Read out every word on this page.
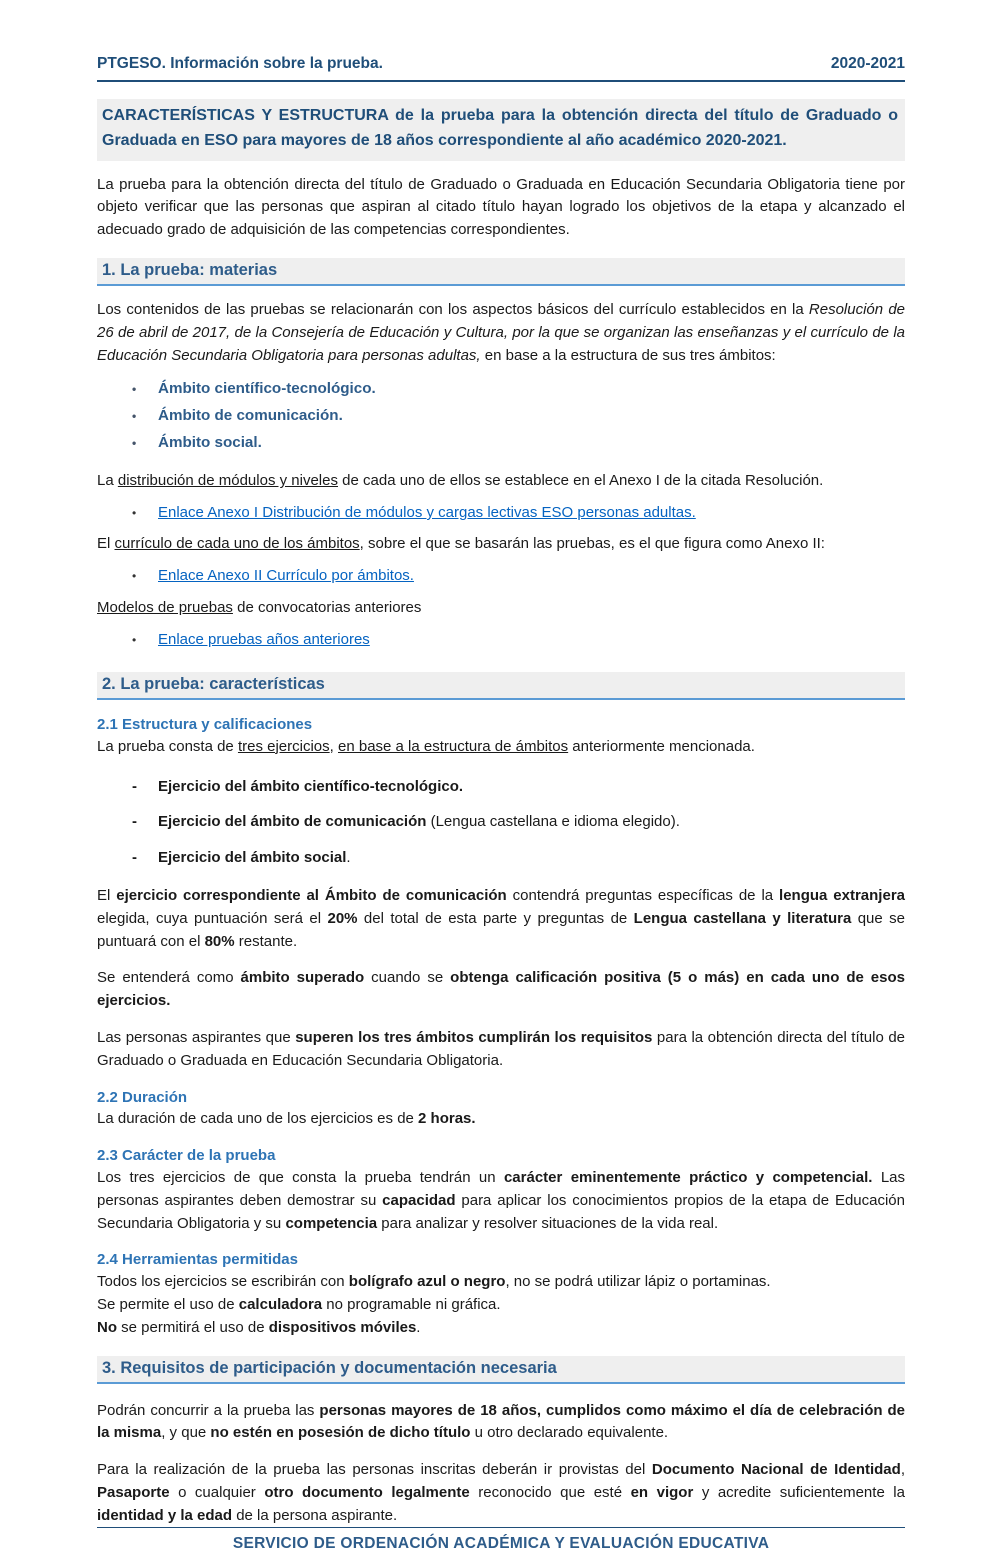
PTGESO. Información sobre la prueba.	2020-2021
CARACTERÍSTICAS Y ESTRUCTURA de la prueba para la obtención directa del título de Graduado o Graduada en ESO para mayores de 18 años correspondiente al año académico 2020-2021.

La prueba para la obtención directa del título de Graduado o Graduada en Educación Secundaria Obligatoria tiene por objeto verificar que las personas que aspiran al citado título hayan logrado los objetivos de la etapa y alcanzado el adecuado grado de adquisición de las competencias correspondientes.

1. La prueba: materias

Los contenidos de las pruebas se relacionarán con los aspectos básicos del currículo establecidos en la Resolución de 26 de abril de 2017, de la Consejería de Educación y Cultura, por la que se organizan las enseñanzas y el currículo de la Educación Secundaria Obligatoria para personas adultas, en base a la estructura de sus tres ámbitos:

• Ámbito científico-tecnológico.
• Ámbito de comunicación.
• Ámbito social.

La distribución de módulos y niveles de cada uno de ellos se establece en el Anexo I de la citada Resolución.

• Enlace Anexo I Distribución de módulos y cargas lectivas ESO personas adultas.

El currículo de cada uno de los ámbitos, sobre el que se basarán las pruebas, es el que figura como Anexo II:

• Enlace Anexo II Currículo por ámbitos.

Modelos de pruebas de convocatorias anteriores

• Enlace pruebas años anteriores
2. La prueba: características
2.1 Estructura y calificaciones

La prueba consta de tres ejercicios, en base a la estructura de ámbitos anteriormente mencionada.

- Ejercicio del ámbito científico-tecnológico.
- Ejercicio del ámbito de comunicación (Lengua castellana e idioma elegido).
- Ejercicio del ámbito social.

El ejercicio correspondiente al Ámbito de comunicación contendrá preguntas específicas de la lengua extranjera elegida, cuya puntuación será el 20% del total de esta parte y preguntas de Lengua castellana y literatura que se puntuará con el 80% restante.

Se entenderá como ámbito superado cuando se obtenga calificación positiva (5 o más) en cada uno de esos ejercicios.

Las personas aspirantes que superen los tres ámbitos cumplirán los requisitos para la obtención directa del título de Graduado o Graduada en Educación Secundaria Obligatoria.

2.2 Duración

La duración de cada uno de los ejercicios es de 2 horas.

2.3 Carácter de la prueba

Los tres ejercicios de que consta la prueba tendrán un carácter eminentemente práctico y competencial. Las personas aspirantes deben demostrar su capacidad para aplicar los conocimientos propios de la etapa de Educación Secundaria Obligatoria y su competencia para analizar y resolver situaciones de la vida real.

2.4 Herramientas permitidas

Todos los ejercicios se escribirán con bolígrafo azul o negro, no se podrá utilizar lápiz o portaminas.

Se permite el uso de calculadora no programable ni gráfica.

No se permitirá el uso de dispositivos móviles.

3. Requisitos de participación y documentación necesaria

Podrán concurrir a la prueba las personas mayores de 18 años, cumplidos como máximo el día de celebración de la misma, y que no estén en posesión de dicho título u otro declarado equivalente.

Para la realización de la prueba las personas inscritas deberán ir provistas del Documento Nacional de Identidad, Pasaporte o cualquier otro documento legalmente reconocido que esté en vigor y acredite suficientemente la identidad y la edad de la persona aspirante.

SERVICIO DE ORDENACIÓN ACADÉMICA Y EVALUACIÓN EDUCATIVA
